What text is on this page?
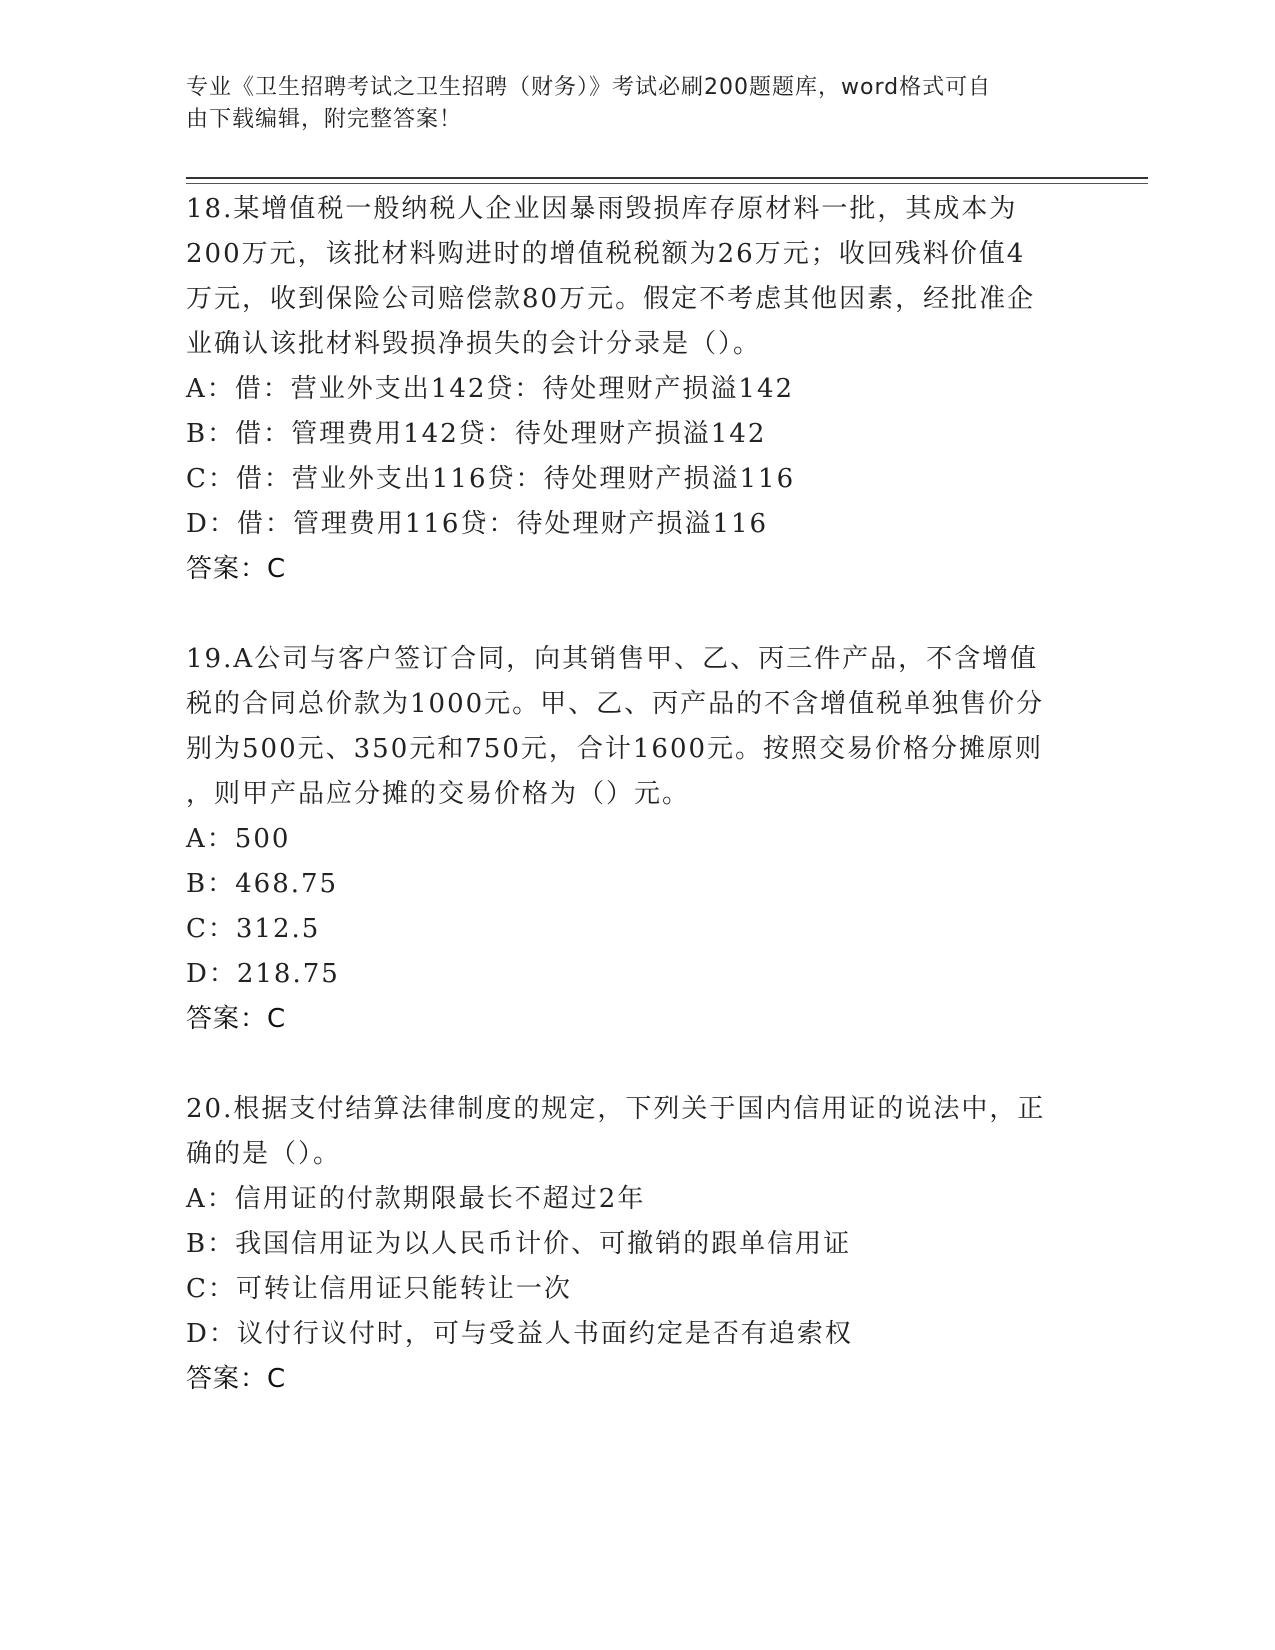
专业《卫生招聘考试之卫生招聘（财务）》考试必刷200题题库，word格式可自
由下载编辑，附完整答案！

18.某增值税一般纳税人企业因暴雨毁损库存原材料一批，其成本为

200万元，该批材料购进时的增值税税额为26万元；收回残料价值4

万元，收到保险公司赔偿款80万元。假定不考虑其他因素，经批准企

业确认该批材料毁损净损失的会计分录是（）。

A：借：营业外支出142贷：待处理财产损溢142

B：借：管理费用142贷：待处理财产损溢142

C：借：营业外支出116贷：待处理财产损溢116

D：借：管理费用116贷：待处理财产损溢116

答案：C

19.A公司与客户签订合同，向其销售甲、乙、丙三件产品，不含增值

税的合同总价款为1000元。甲、乙、丙产品的不含增值税单独售价分

别为500元、350元和750元，合计1600元。按照交易价格分摊原则

，则甲产品应分摊的交易价格为（）元。

A：500

B：468.75

C：312.5

D：218.75

答案：C

20.根据支付结算法律制度的规定，下列关于国内信用证的说法中，正

确的是（）。

A：信用证的付款期限最长不超过2年

B：我国信用证为以人民币计价、可撤销的跟单信用证

C：可转让信用证只能转让一次

D：议付行议付时，可与受益人书面约定是否有追索权

答案：C
